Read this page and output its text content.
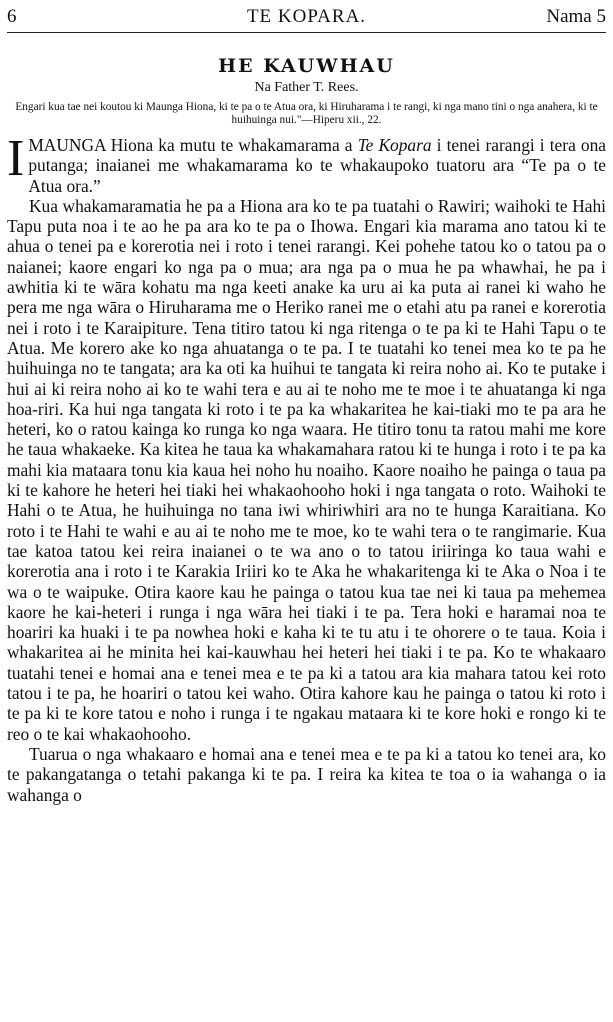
6	TE KOPARA.	Nama 5
HE KAUWHAU
Na Father T. Rees.
Engari kua tae nei koutou ki Maunga Hiona, ki te pa o te Atua ora, ki Hiruharama i te rangi, ki nga mano tini o nga anahera, ki te huihuinga nui."—Hiperu xii., 22.

IMAUNGA Hiona ka mutu te whakamarama a Te Kopara i tenei rarangi i tera ona putanga; inaianei me whakamarama ko te whakaupoko tuatoru ara “Te pa o te Atua ora.”

Kua whakamaramatia he pa a Hiona ara ko te pa tuatahi o Rawiri; waihoki te Hahi Tapu puta noa i te ao he pa ara ko te pa o Ihowa. Engari kia marama ano tatou ki te ahua o tenei pa e korerotia nei i roto i tenei rarangi. Kei pohehe tatou ko o tatou pa o naianei; kaore engari ko nga pa o mua; ara nga pa o mua he pa whawhai, he pa i awhitia ki te wāra kohatu ma nga keeti anake ka uru ai ka puta ai ranei ki waho he pera me nga wāra o Hiruharama me o Heriko ranei me o etahi atu pa ranei e korerotia nei i roto i te Karaipiture. Tena titiro tatou ki nga ritenga o te pa ki te Hahi Tapu o te Atua. Me korero ake ko nga ahuatanga o te pa. I te tuatahi ko tenei mea ko te pa he huihuinga no te tangata; ara ka oti ka huihui te tangata ki reira noho ai. Ko te putake i hui ai ki reira noho ai ko te wahi tera e au ai te noho me te moe i te ahuatanga ki nga hoa-riri. Ka hui nga tangata ki roto i te pa ka whakaritea he kai-tiaki mo te pa ara he heteri, ko o ratou kainga ko runga ko nga waara. He titiro tonu ta ratou mahi me kore he taua whakaeke. Ka kitea he taua ka whakamahara ratou ki te hunga i roto i te pa ka mahi kia mataara tonu kia kaua hei noho hu noaiho. Kaore noaiho he painga o taua pa ki te kahore he heteri hei tiaki hei whakaohooho hoki i nga tangata o roto. Waihoki te Hahi o te Atua, he huihuinga no tana iwi whiriwhiri ara no te hunga Karaitiana. Ko roto i te Hahi te wahi e au ai te noho me te moe, ko te wahi tera o te rangimarie. Kua tae katoa tatou kei reira inaianei o te wa ano o to tatou iriiringa ko taua wahi e korerotia ana i roto i te Karakia Iriiri ko te Aka he whakaritenga ki te Aka o Noa i te wa o te waipuke. Otira kaore kau he painga o tatou kua tae nei ki taua pa mehemea kaore he kai-heteri i runga i nga wāra hei tiaki i te pa. Tera hoki e haramai noa te hoariri ka huaki i te pa nowhea hoki e kaha ki te tu atu i te ohorere o te taua. Koia i whakaritea ai he minita hei kai-kauwhau hei heteri hei tiaki i te pa. Ko te whakaaro tuatahi tenei e homai ana e tenei mea e te pa ki a tatou ara kia mahara tatou kei roto tatou i te pa, he hoariri o tatou kei waho. Otira kahore kau he painga o tatou ki roto i te pa ki te kore tatou e noho i runga i te ngakau mataara ki te kore hoki e rongo ki te reo o te kai whakaohooho.

Tuarua o nga whakaaro e homai ana e tenei mea e te pa ki a tatou ko tenei ara, ko te pakangatanga o tetahi pakanga ki te pa. I reira ka kitea te toa o ia wahanga o ia wahanga o
